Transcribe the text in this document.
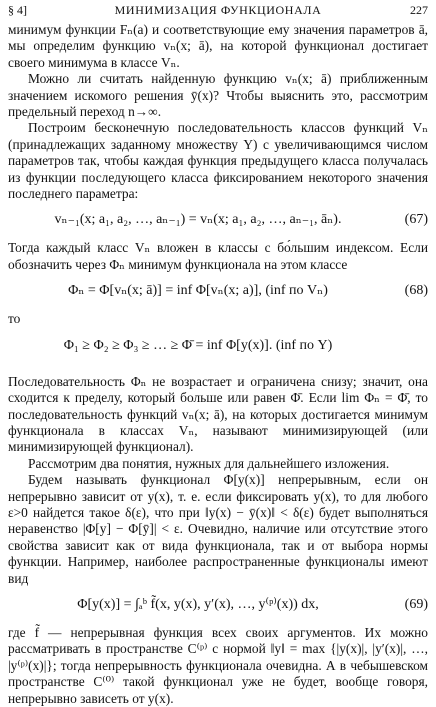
§ 4]	МИНИМИЗАЦИЯ ФУНКЦИОНАЛА	227

минимум функции Fₙ(a) и соответствующие ему значения параметров ā, мы определим функцию vₙ(x; ā), на которой функционал достигает своего минимума в классе Vₙ.

Можно ли считать найденную функцию vₙ(x; ā) приближенным значением искомого решения ȳ(x)? Чтобы выяснить это, рассмотрим предельный переход n→∞.

Построим бесконечную последовательность классов функций Vₙ (принадлежащих заданному множеству Y) с увеличивающимся числом параметров так, чтобы каждая функция предыдущего класса получалась из функции последующего класса фиксированием некоторого значения последнего параметра:

vₙ₋₁(x; a₁, a₂, …, aₙ₋₁) = vₙ(x; a₁, a₂, …, aₙ₋₁, āₙ).	(67)

Тогда каждый класс Vₙ вложен в классы с бо́льшим индексом. Если обозначить через Φₙ минимум функционала на этом классе

Φₙ = Φ[vₙ(x; ā)] = inf Φ[vₙ(x; a)], (inf по Vₙ)	(68)

то

Φ₁ ≥ Φ₂ ≥ Φ₃ ≥ … ≥ Φ̄ = inf Φ[y(x)]. (inf по Y)

Последовательность Φₙ не возрастает и ограничена снизу; значит, она сходится к пределу, который больше или равен Φ̄. Если lim Φₙ = Φ̄, то последовательность функций vₙ(x; ā), на которых достигается минимум функционала в классах Vₙ, называют минимизирующей (или минимизирующей функционал).

Рассмотрим два понятия, нужных для дальнейшего изложения.

Будем называть функционал Φ[y(x)] непрерывным, если он непрерывно зависит от y(x), т. е. если фиксировать y(x), то для любого ε>0 найдется такое δ(ε), что при ‖y(x) − ȳ(x)‖ < δ(ε) будет выполняться неравенство |Φ[y] − Φ[ȳ]| < ε. Очевидно, наличие или отсутствие этого свойства зависит как от вида функционала, так и от выбора нормы функции. Например, наиболее распространенные функционалы имеют вид

Φ[y(x)] = ∫ₐᵇ f̃(x, y(x), y′(x), …, y⁽ᵖ⁾(x)) dx,	(69)

где f̃ — непрерывная функция всех своих аргументов. Их можно рассматривать в пространстве C⁽ᵖ⁾ с нормой ‖y‖ = max {|y(x)|, |y′(x)|, …, |y⁽ᵖ⁾(x)|}; тогда непрерывность функционала очевидна. А в чебышевском пространстве C⁽⁰⁾ такой функционал уже не будет, вообще говоря, непрерывно зависеть от y(x).
